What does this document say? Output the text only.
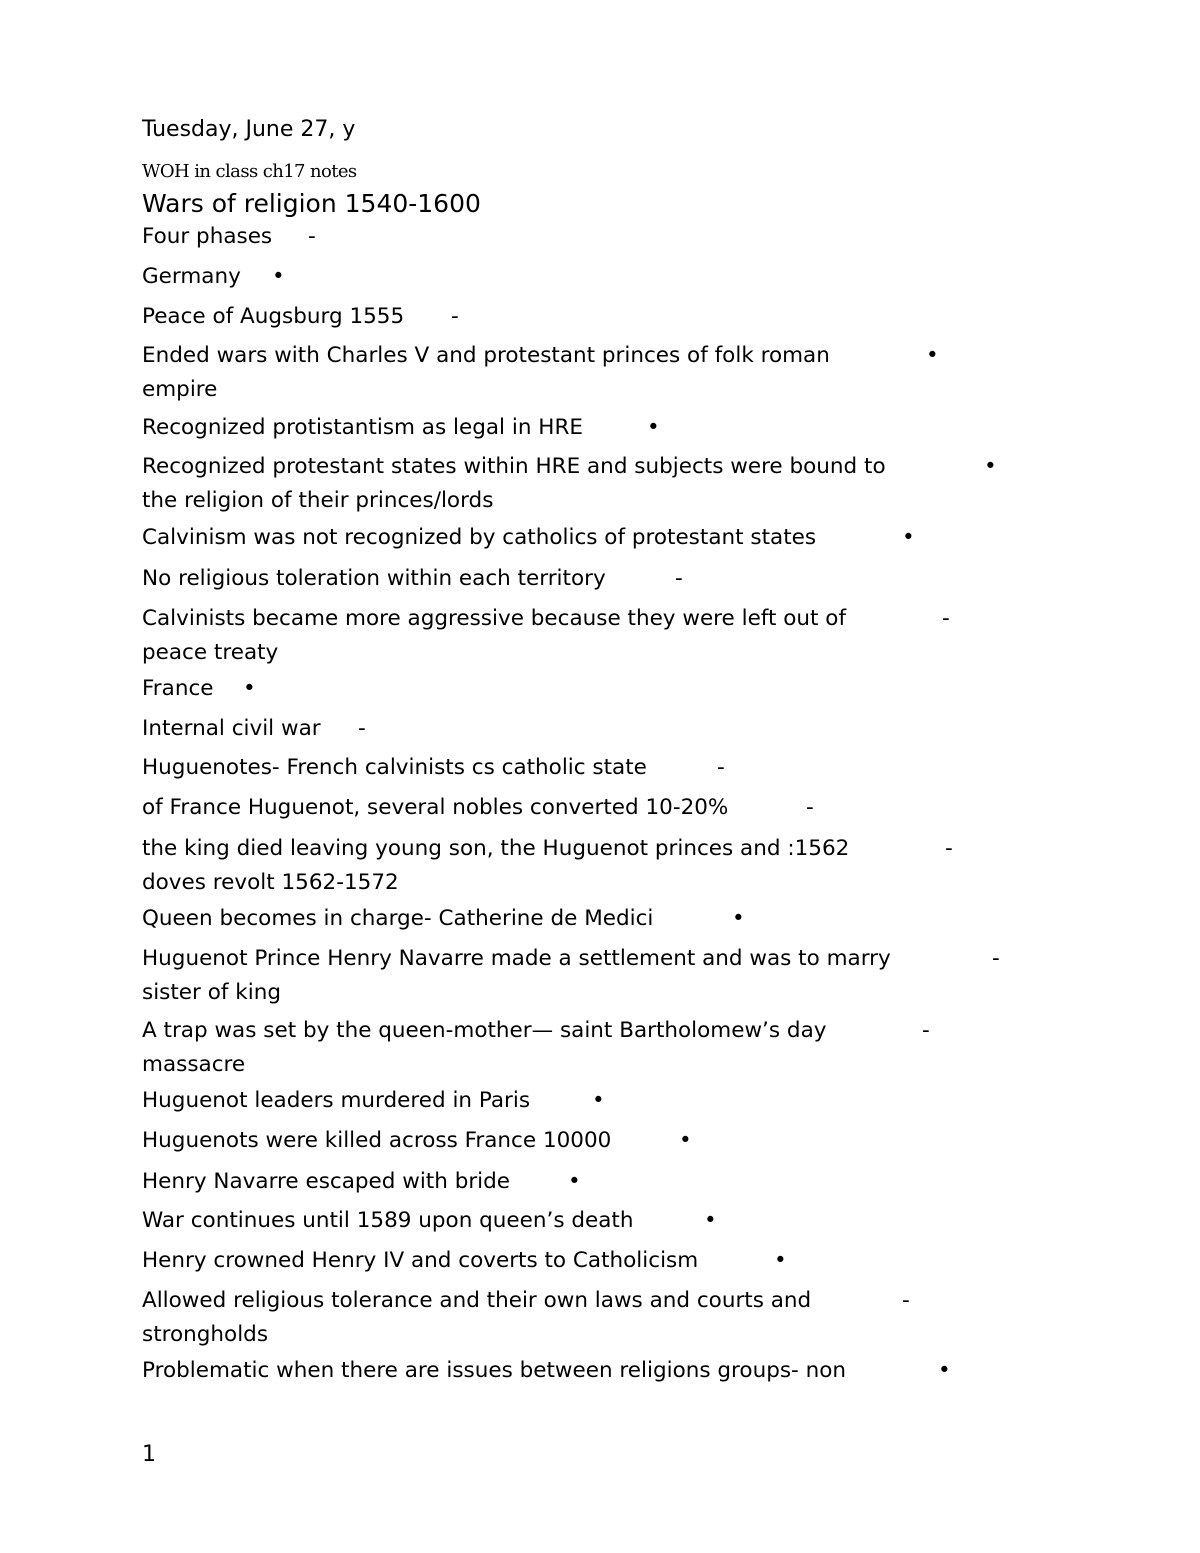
Tuesday, June 27, y
WOH in class ch17 notes
Wars of religion 1540-1600
Four phases -
Germany •
Peace of Augsburg 1555 -
Ended wars with Charles V and protestant princes of folk roman
empire
•
Recognized protistantism as legal in HRE	•
Recognized protestant states within HRE and subjects were bound to
the religion of their princes/lords
•
Calvinism was not recognized by catholics of protestant states	•
No religious toleration within each territory	-
Calvinists became more aggressive because they were left out of
peace treaty
-
France •
Internal civil war -
Huguenotes- French calvinists cs catholic state	-
of France Huguenot, several nobles converted 10-20%	-
the king died leaving young son, the Huguenot princes and :1562
doves revolt 1562-1572
-
Queen becomes in charge- Catherine de Medici	•
Huguenot Prince Henry Navarre made a settlement and was to marry
sister of king
-
A trap was set by the queen-mother— saint Bartholomew’s day
massacre
-
Huguenot leaders murdered in Paris	•
Huguenots were killed across France 10000	•
Henry Navarre escaped with bride	•
War continues until 1589 upon queen’s death	•
Henry crowned Henry IV and coverts to Catholicism	•
Allowed religious tolerance and their own laws and courts and
strongholds
-
Problematic when there are issues between religions groups- non	•
1
